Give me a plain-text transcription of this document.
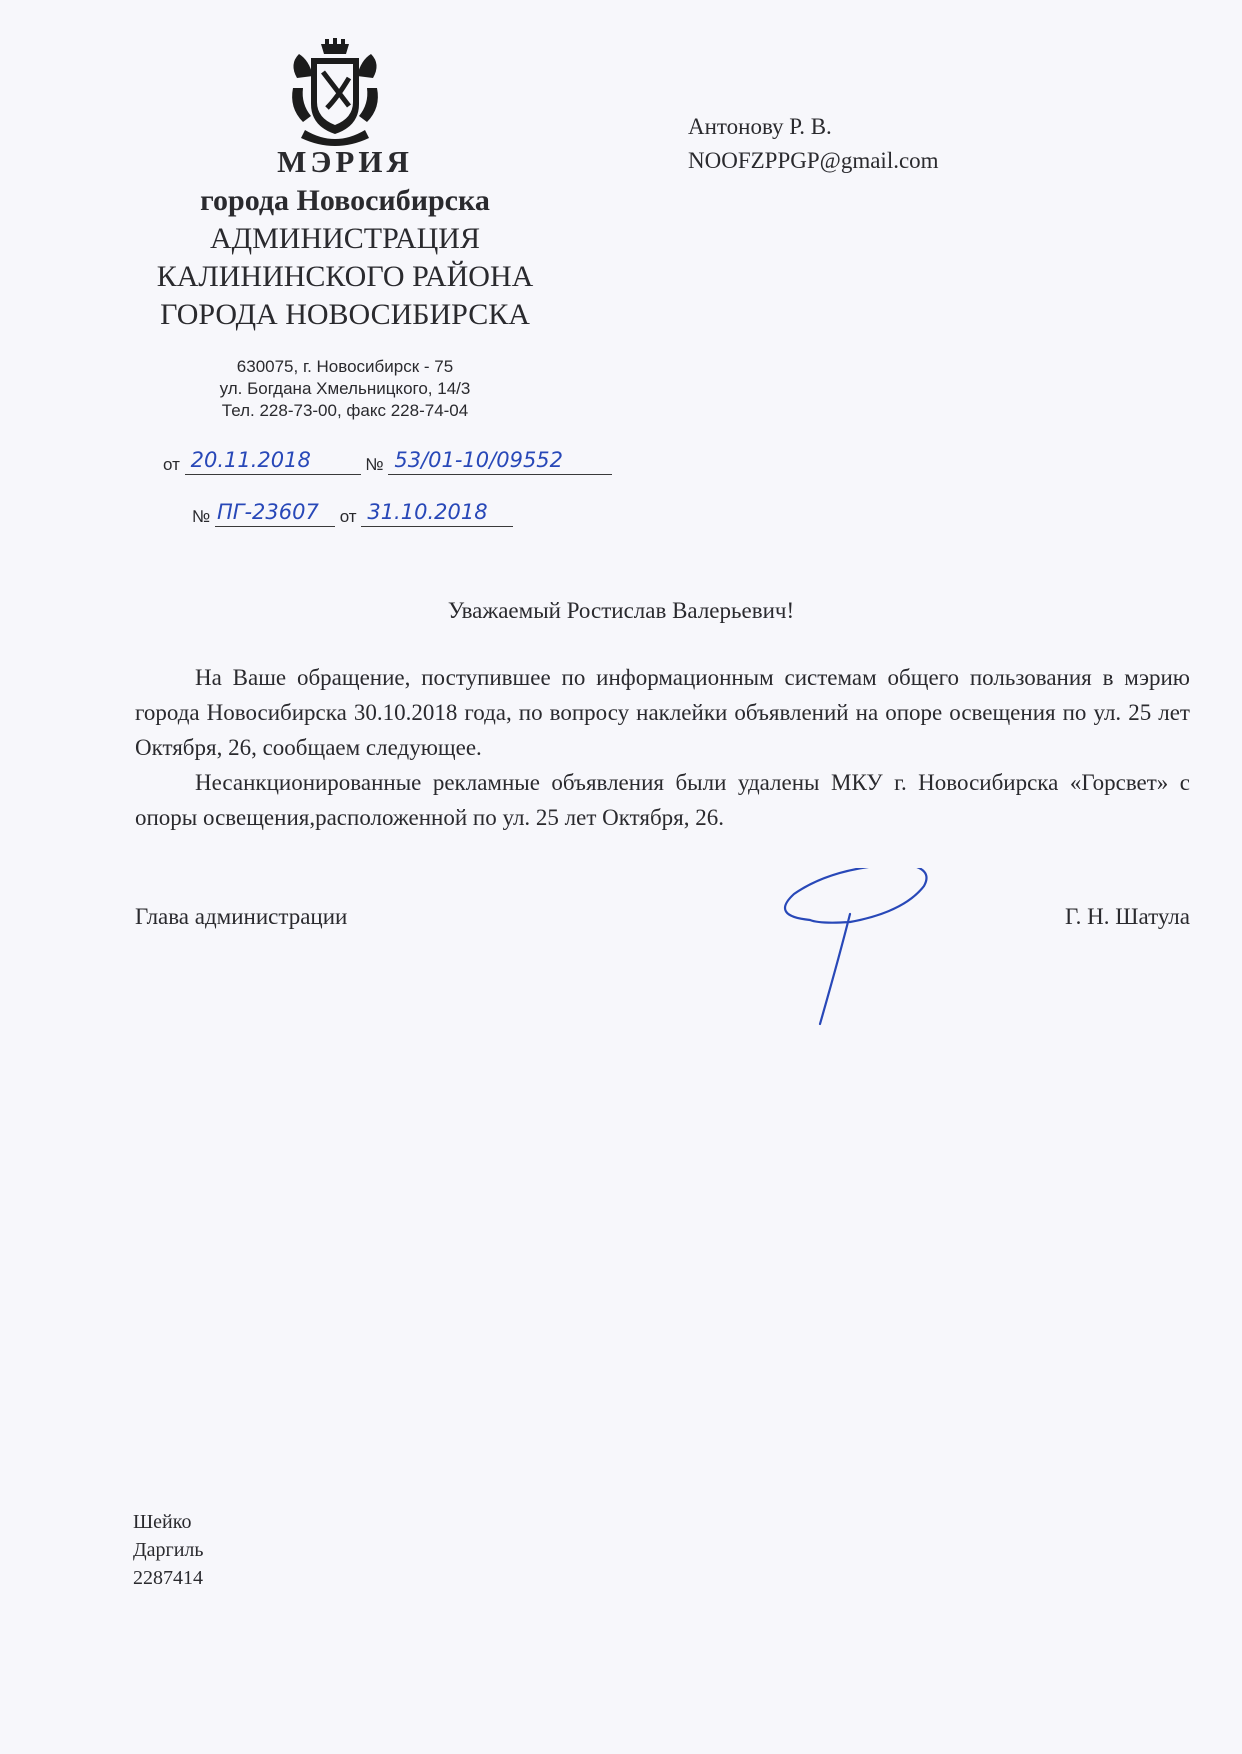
МЭРИЯ
города Новосибирска
АДМИНИСТРАЦИЯ
КАЛИНИНСКОГО РАЙОНА
ГОРОДА НОВОСИБИРСКА
630075, г. Новосибирск - 75
ул. Богдана Хмельницкого, 14/3
Тел. 228-73-00, факс 228-74-04
от 20.11.2018	№ 53/01-10/09552
№ ПГ-23607 от 31.10.2018
Антонову Р. В.
NOOFZPPGP@gmail.com
Уважаемый Ростислав Валерьевич!

На Ваше обращение, поступившее по информационным системам общего пользования в мэрию города Новосибирска 30.10.2018 года, по вопросу наклейки объявлений на опоре освещения по ул. 25 лет Октября, 26, сообщаем следующее.

Несанкционированные рекламные объявления были удалены МКУ г. Новосибирска «Горсвет» с опоры освещения,расположенной по ул. 25 лет Октября, 26.

Глава администрации	Г. Н. Шатула
Шейко
Даргиль
2287414
